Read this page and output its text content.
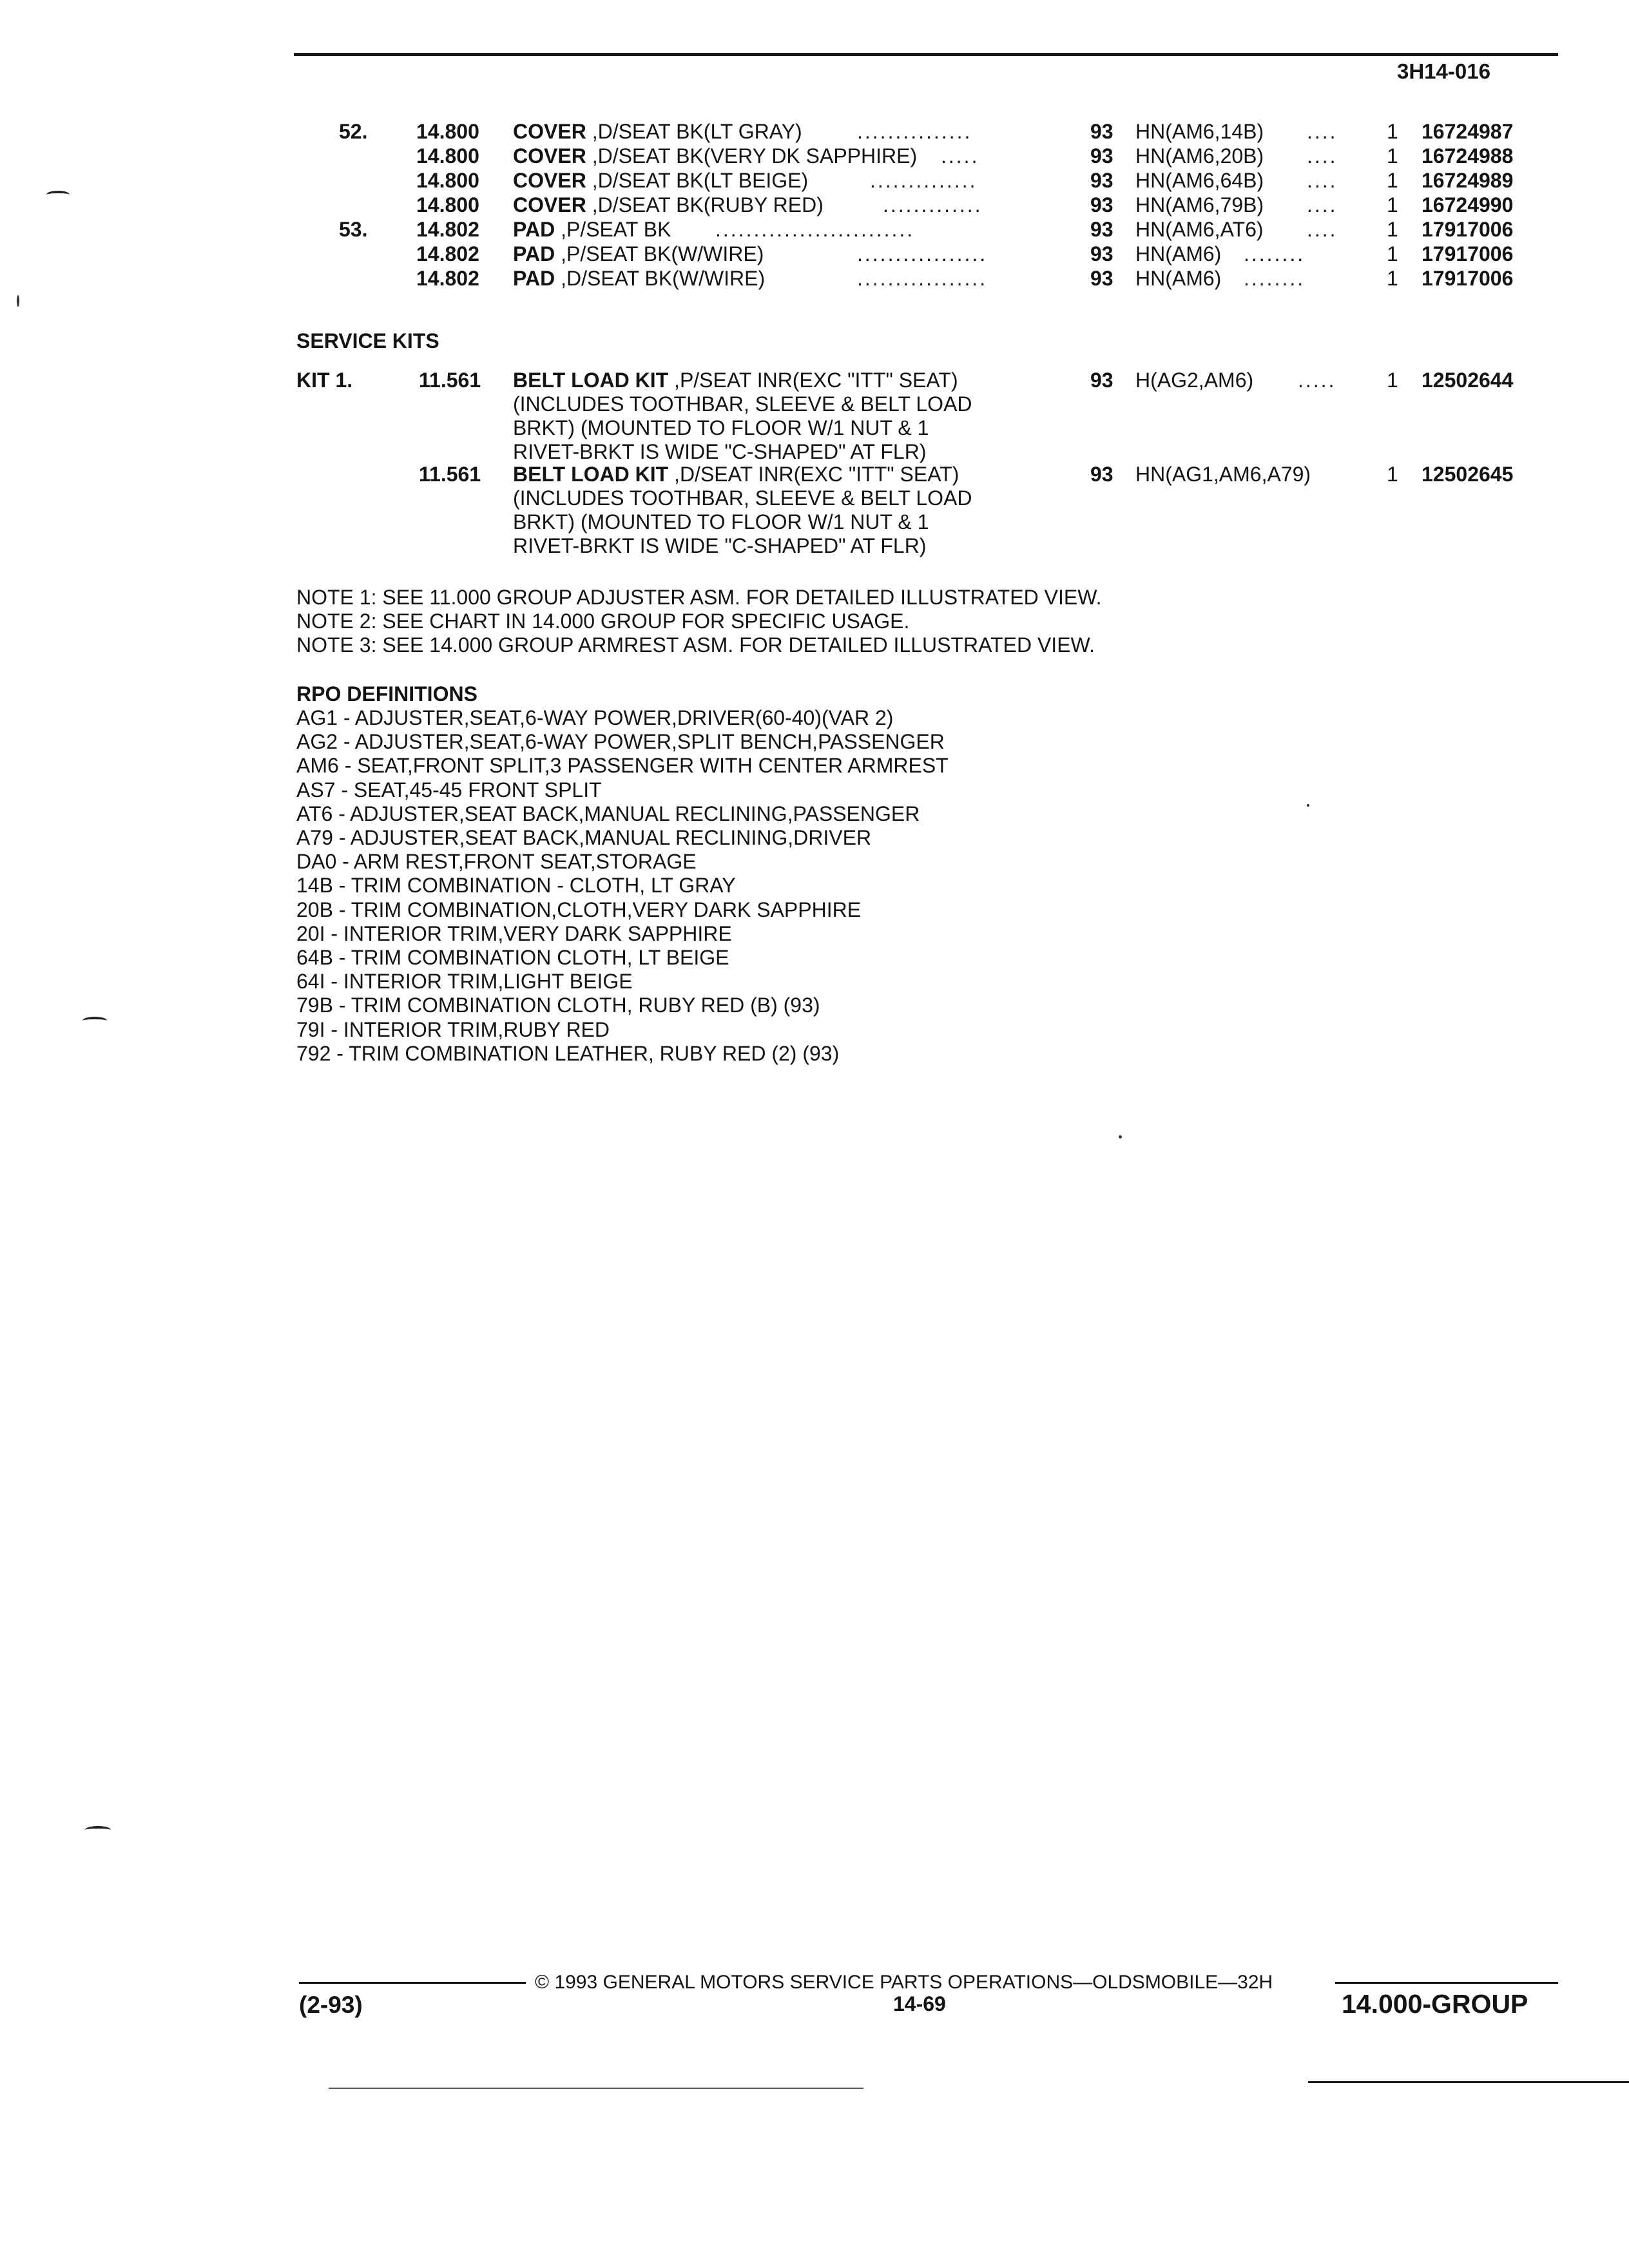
3H14-016
52. 14.800 COVER ,D/SEAT BK(LT GRAY)	...............	93 HN(AM6,14B) .... 1 16724987
14.800 COVER ,D/SEAT BK(VERY DK SAPPHIRE) .....	93 HN(AM6,20B) .... 1 16724988
14.800 COVER ,D/SEAT BK(LT BEIGE)	..............	93 HN(AM6,64B) .... 1 16724989
14.800 COVER ,D/SEAT BK(RUBY RED)	.............	93 HN(AM6,79B) .... 1 16724990
53. 14.802 PAD ,P/SEAT BK ..........................	93 HN(AM6,AT6) .... 1 17917006
14.802 PAD ,P/SEAT BK(W/WIRE)	.................	93 HN(AM6) ........	1 17917006
14.802 PAD ,D/SEAT BK(W/WIRE)	.................	93 HN(AM6) ........	1 17917006
SERVICE KITS
KIT 1.	11.561 BELT LOAD KIT ,P/SEAT INR(EXC "ITT" SEAT)	93 H(AG2,AM6) ..... 1 12502644
(INCLUDES TOOTHBAR, SLEEVE & BELT LOAD
BRKT) (MOUNTED TO FLOOR W/1 NUT & 1
RIVET-BRKT IS WIDE "C-SHAPED" AT FLR)
11.561 BELT LOAD KIT ,D/SEAT INR(EXC "ITT" SEAT)	93 HN(AG1,AM6,A79)	1 12502645
(INCLUDES TOOTHBAR, SLEEVE & BELT LOAD
BRKT) (MOUNTED TO FLOOR W/1 NUT & 1
RIVET-BRKT IS WIDE "C-SHAPED" AT FLR)
NOTE 1: SEE 11.000 GROUP ADJUSTER ASM. FOR DETAILED ILLUSTRATED VIEW.
NOTE 2: SEE CHART IN 14.000 GROUP FOR SPECIFIC USAGE.
NOTE 3: SEE 14.000 GROUP ARMREST ASM. FOR DETAILED ILLUSTRATED VIEW.
RPO DEFINITIONS
AG1 - ADJUSTER,SEAT,6-WAY POWER,DRIVER(60-40)(VAR 2)
AG2 - ADJUSTER,SEAT,6-WAY POWER,SPLIT BENCH,PASSENGER
AM6 - SEAT,FRONT SPLIT,3 PASSENGER WITH CENTER ARMREST
AS7 - SEAT,45-45 FRONT SPLIT
AT6 - ADJUSTER,SEAT BACK,MANUAL RECLINING,PASSENGER
A79 - ADJUSTER,SEAT BACK,MANUAL RECLINING,DRIVER
DA0 - ARM REST,FRONT SEAT,STORAGE
14B - TRIM COMBINATION - CLOTH, LT GRAY
20B - TRIM COMBINATION,CLOTH,VERY DARK SAPPHIRE
20I - INTERIOR TRIM,VERY DARK SAPPHIRE
64B - TRIM COMBINATION CLOTH, LT BEIGE
64I - INTERIOR TRIM,LIGHT BEIGE
79B - TRIM COMBINATION CLOTH, RUBY RED (B) (93)
79I - INTERIOR TRIM,RUBY RED
792 - TRIM COMBINATION LEATHER, RUBY RED (2) (93)
© 1993 GENERAL MOTORS SERVICE PARTS OPERATIONS—OLDSMOBILE—32H
(2-93)	14-69	14.000-GROUP
